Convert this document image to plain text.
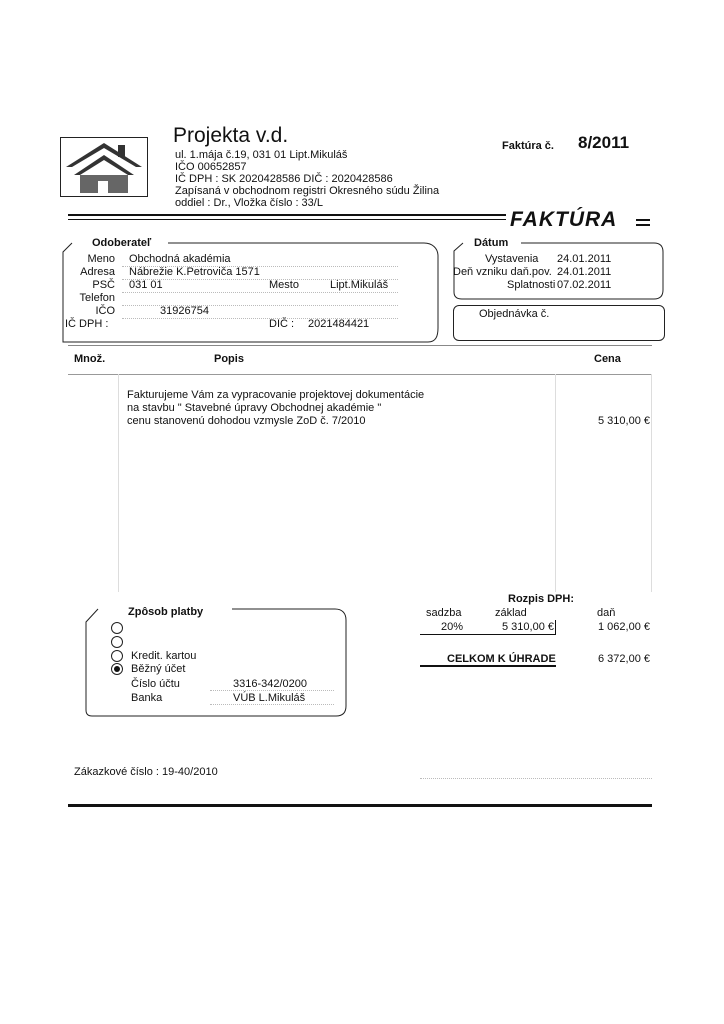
Projekta v.d.
ul. 1.mája č.19, 031 01 Lipt.Mikuláš
IČO 00652857
IČ DPH : SK 2020428586 DIČ : 2020428586
Zapísaná v obchodnom registri Okresného súdu Žilina
oddiel : Dr., Vložka číslo : 33/L
Faktúra č. 8/2011
FAKTÚRA
Odoberateľ
Meno Obchodná akadémia
Adresa Nábrežie K.Petroviča 1571
PSČ 031 01	Mesto	Lipt.Mikuláš
Telefon
IČO	31926754
IČ DPH :	DIČ : 2021484421
Dátum
Vystavenia 24.01.2011
Deň vzniku daň.pov. 24.01.2011
Splatnosti 07.02.2011
Objednávka č.
Množ.	Popis	Cena
Fakturujeme Vám za vypracovanie projektovej dokumentácie
na stavbu " Stavebné úpravy Obchodnej akadémie "
cenu stanovenú dohodou vzmysle ZoD č. 7/2010	5 310,00 €
Zpôsob platby
Kredit. kartou
Běžný účet
Číslo účtu	3316-342/0200
Banka	VÚB L.Mikuláš
Rozpis DPH:
sadzba	základ	daň
20%	5 310,00 €	1 062,00 €
CELKOM K ÚHRADE	6 372,00 €
Zákazkové číslo : 19-40/2010
